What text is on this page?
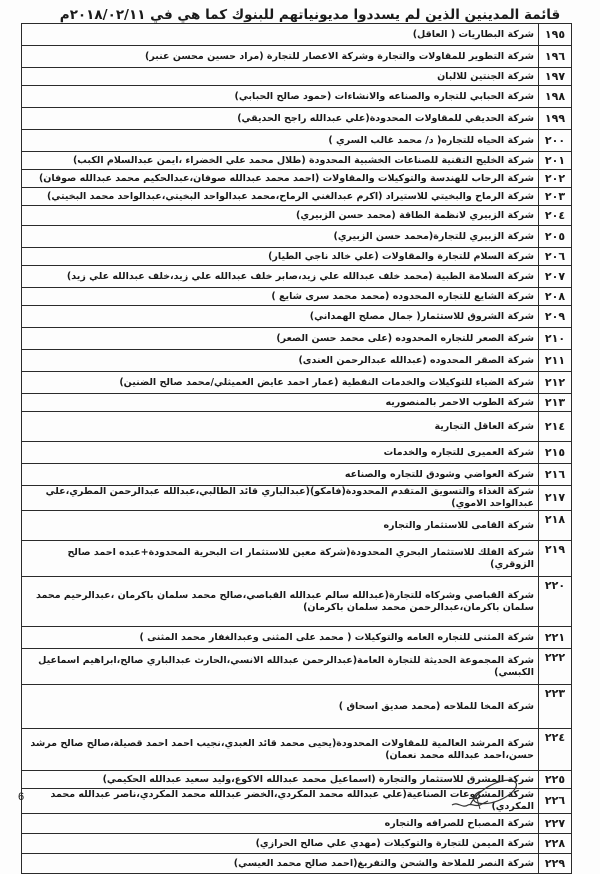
قائمة المدينين الذين لم يسددوا مديونياتهم للبنوك كما هي في ٢٠١٨/٠٢/١١م
١٩٥	شركة البطاريات ( العاقل)
١٩٦	شركة التطوير للمقاولات والتجارة وشركة الاعصار للتجارة (مراد حسين محسن عنبر)
١٩٧	شركة الجنتين للالبان
١٩٨	شركة الحبابي للتجاره والصناعه والانشاءات (حمود صالح الحبابي)
١٩٩	شركة الحديقي للمقاولات المحدودة(علي عبدالله راجح الحديقي)
٢٠٠	شركة الحياه للتجاره( د/ محمد غالب السري )
٢٠١	شركة الخليج التقنية للصناعات الخشبية المحدودة (طلال محمد علي الخضراء ،ايمن عبدالسلام الكبب)
٢٠٢	شركة الرحاب للهندسة والتوكيلات والمقاولات (احمد محمد عبدالله صوفان،عبدالحكيم محمد عبدالله صوفان)
٢٠٣	شركة الرماح والبخيتي للاستيراد (اكرم عبدالغني الرماح،محمد عبدالواحد البخيتي،عبدالواحد محمد البخيتي)
٢٠٤	شركة الزبيري لانظمة الطاقة (محمد حسن الزبيري)
٢٠٥	شركة الزبيري للتجارة(محمد حسن الزبيري)
٢٠٦	شركة السلام للتجارة والمقاولات (علي خالد ناجي الطيار)
٢٠٧	شركة السلامة الطبية (محمد خلف عبدالله علي زيد،صابر خلف عبدالله علي زيد،خلف عبدالله علي زيد)
٢٠٨	شركة الشايع للتجاره المحدوده (محمد محمد سرى شايع )
٢٠٩	شركة الشروق للاستثمار( جمال مصلح الهمداني)
٢١٠	شركة الصعر للتجاره المحدوده (على محمد حسن الصعر)
٢١١	شركة الصقر المحدوده (عبدالله عبدالرحمن العندى)
٢١٢	شركة الضياء للتوكيلات والخدمات النفطية (عمار احمد عايض العميثلي/محمد صالح الضنين)
٢١٣	شركة الطوب الاحمر بالمنصوريه
٢١٤	شركة العاقل التجارية
٢١٥	شركة العميرى للتجاره والخدمات
٢١٦	شركة العواضي وشودق للتجاره والصناعه
٢١٧	شركة الغذاء والتسويق المتقدم المحدودة(فامكو)(عبدالباري قائد الطالبي،عبدالله عبدالرحمن المطري،علي عبدالواحد الاموي)
٢١٨	شركة القامى للاستثمار والتجاره
٢١٩	شركة الفلك للاستثمار البحري المحدودة(شركة معين للاستثمار ات البحرية المحدودة+عبده احمد صالح الزوقري)
٢٢٠	شركة القباصي وشركاه للتجارة(عبدالله سالم عبدالله القباصي،صالح محمد سلمان باكرمان ،عبدالرحيم محمد سلمان باكرمان،عبدالرحمن محمد سلمان باكرمان)
٢٢١	شركة المثنى للتجاره العامه والتوكيلات ( محمد على المثنى وعبدالغفار محمد المثنى )
٢٢٢	شركة المجموعة الحديثة للتجارة العامة(عبدالرحمن عبدالله الانسي،الحارث عبدالباري صالح،ابراهيم اسماعيل الكبسي)
٢٢٣	شركة المخا للملاحه (محمد صديق اسحاق )
٢٢٤	شركة المرشد العالمية للمقاولات المحدودة(يحيى محمد قائد العبدي،نجيب احمد احمد قصيلة،صالح صالح مرشد حسن،احمد عبدالله محمد نعمان)
٢٢٥	شركة المشرق للاستثمار والتجارة (اسماعيل محمد عبدالله الاكوع،وليد سعيد عبدالله الحكيمي)
٢٢٦	شركة المشروعات الصناعية(علي عبدالله محمد المكردي،الخضر عبدالله محمد المكردي،ناصر عبدالله محمد المكردي)
٢٢٧	شركة المصباح للصرافه والتجاره
٢٢٨	شركة الميمن للتجارة والتوكيلات (مهدي علي صالح الحرازي)
٢٢٩	شركة النصر للملاحة والشحن والتفريغ(احمد صالح محمد العيسي)
6
